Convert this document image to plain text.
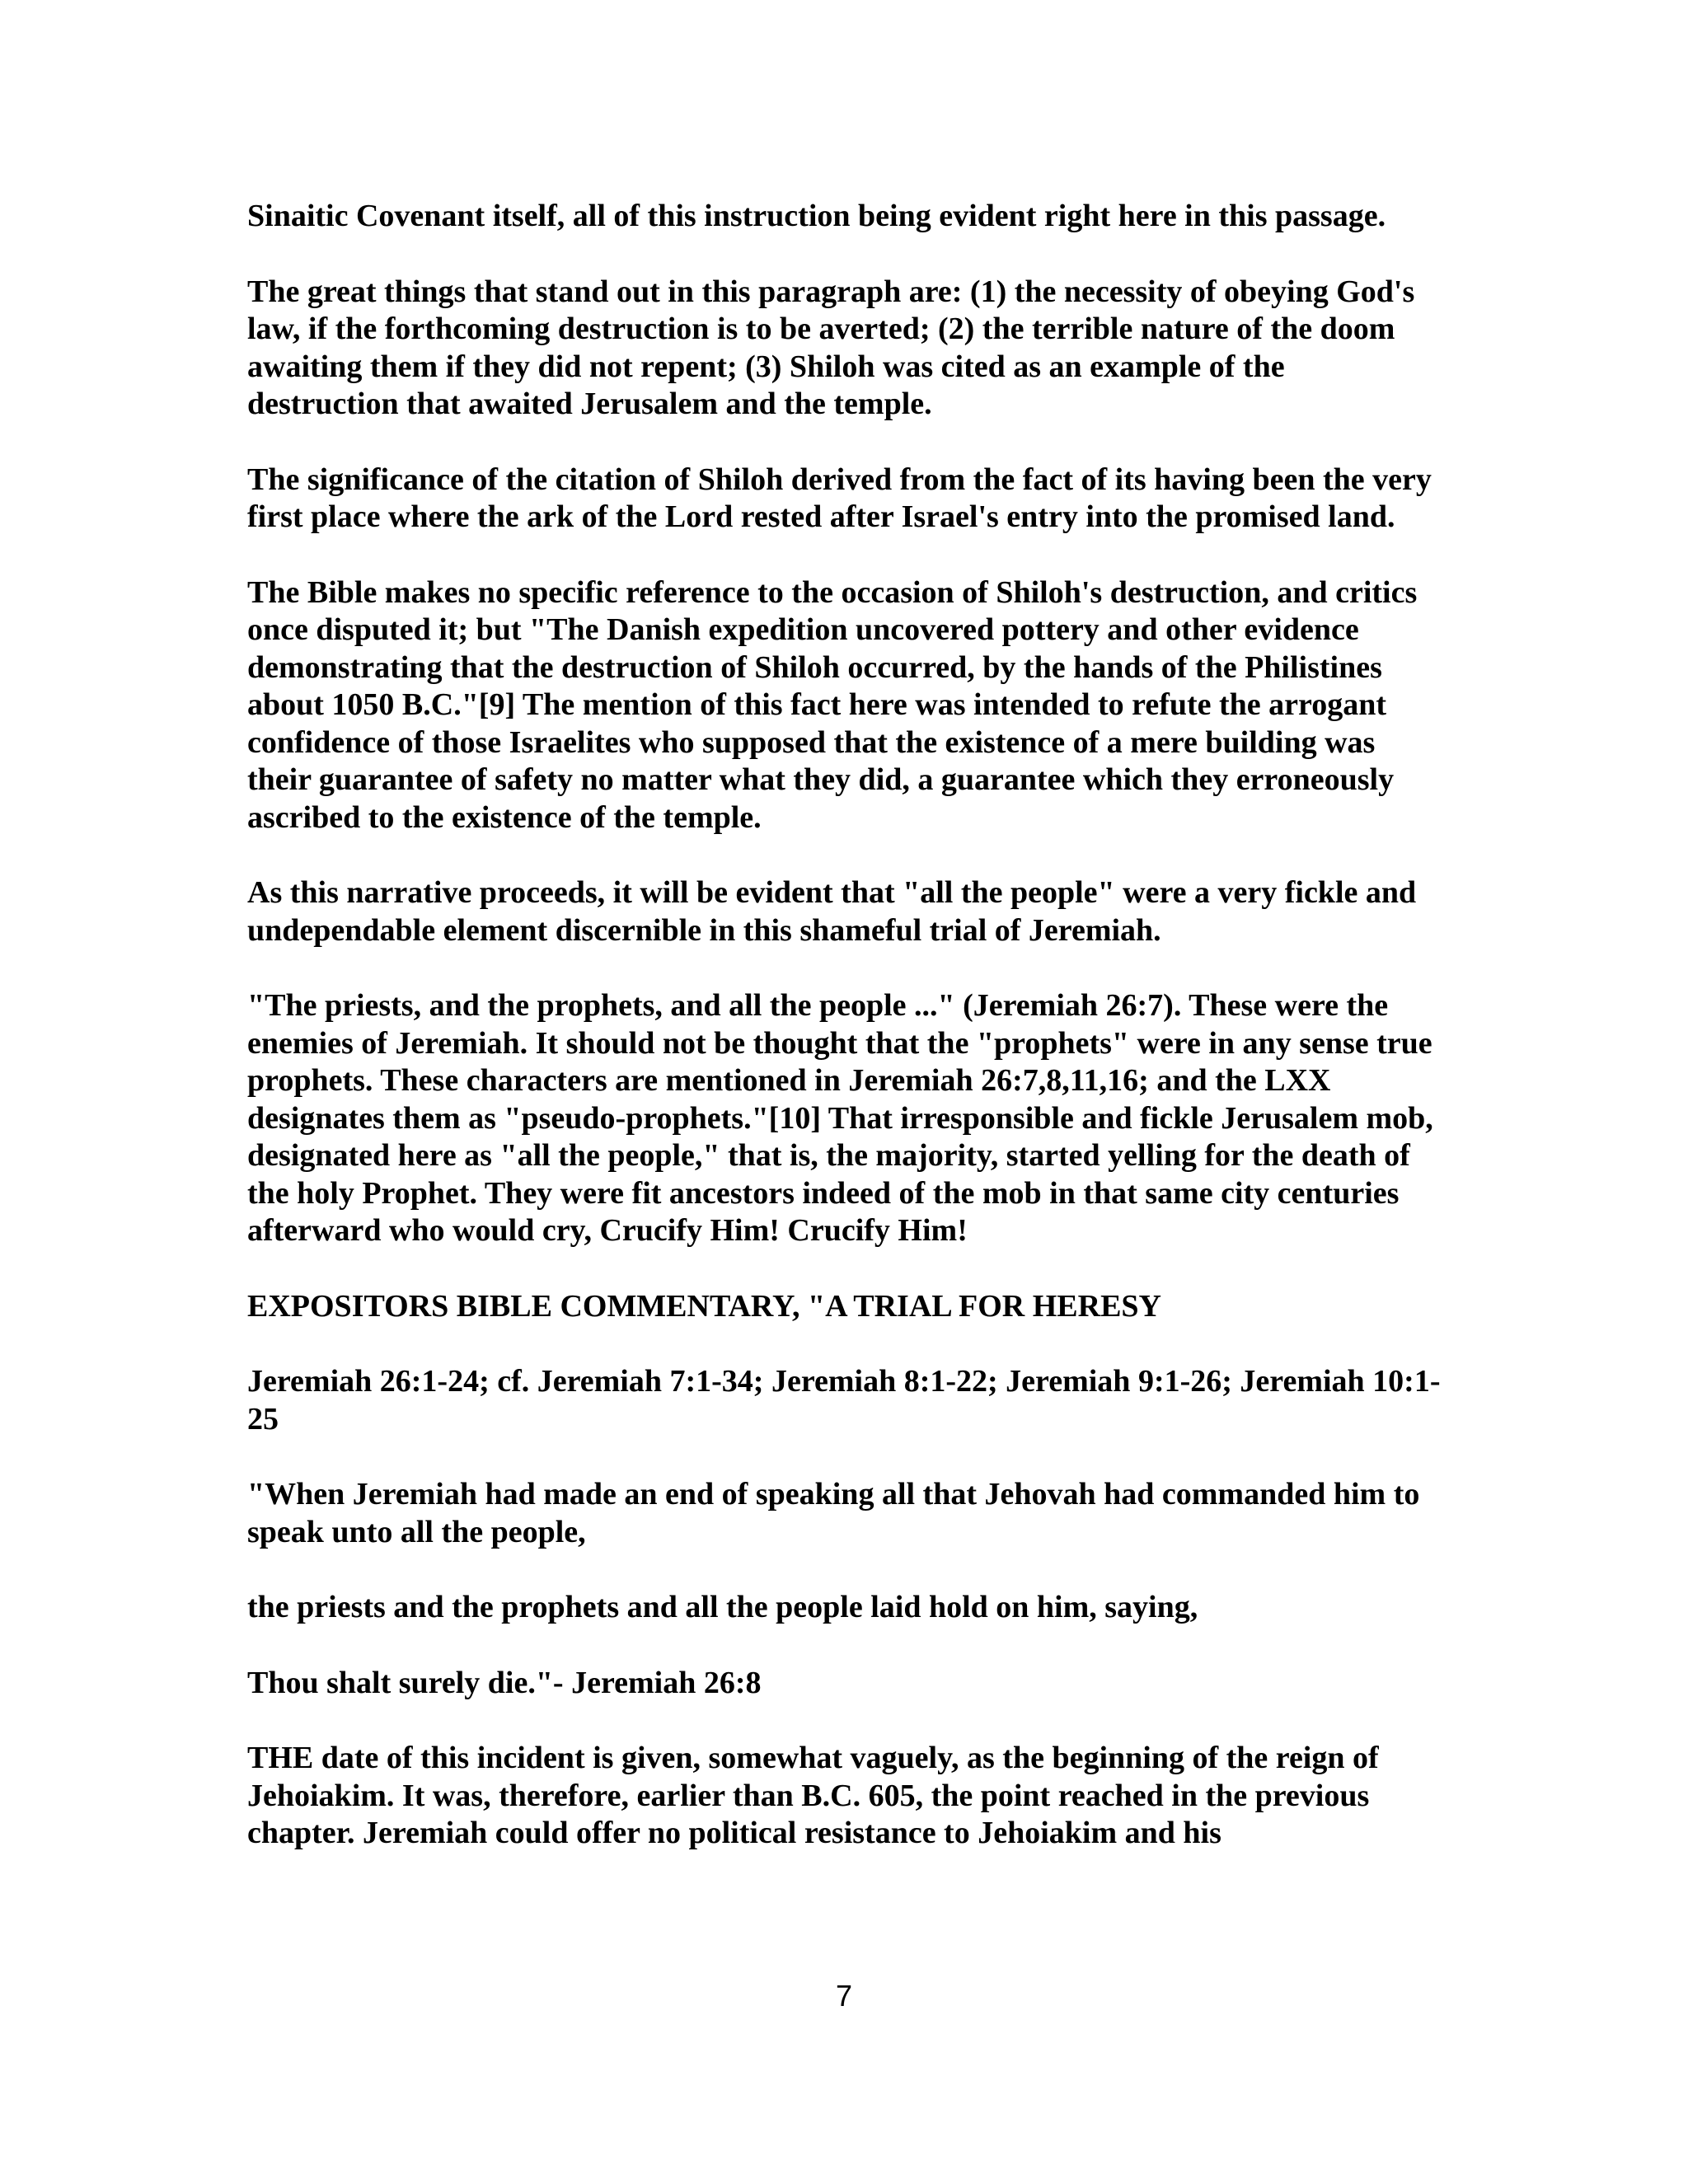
Sinaitic Covenant itself, all of this instruction being evident right here in this passage.

The great things that stand out in this paragraph are: (1) the necessity of obeying God's law, if the forthcoming destruction is to be averted; (2) the terrible nature of the doom awaiting them if they did not repent; (3) Shiloh was cited as an example of the destruction that awaited Jerusalem and the temple.

The significance of the citation of Shiloh derived from the fact of its having been the very first place where the ark of the Lord rested after Israel's entry into the promised land.

The Bible makes no specific reference to the occasion of Shiloh's destruction, and critics once disputed it; but "The Danish expedition uncovered pottery and other evidence demonstrating that the destruction of Shiloh occurred, by the hands of the Philistines about 1050 B.C."[9] The mention of this fact here was intended to refute the arrogant confidence of those Israelites who supposed that the existence of a mere building was their guarantee of safety no matter what they did, a guarantee which they erroneously ascribed to the existence of the temple.

As this narrative proceeds, it will be evident that "all the people" were a very fickle and undependable element discernible in this shameful trial of Jeremiah.

"The priests, and the prophets, and all the people ..." (Jeremiah 26:7). These were the enemies of Jeremiah. It should not be thought that the "prophets" were in any sense true prophets. These characters are mentioned in Jeremiah 26:7,8,11,16; and the LXX designates them as "pseudo-prophets."[10] That irresponsible and fickle Jerusalem mob, designated here as "all the people," that is, the majority, started yelling for the death of the holy Prophet. They were fit ancestors indeed of the mob in that same city centuries afterward who would cry, Crucify Him! Crucify Him!

EXPOSITORS BIBLE COMMENTARY, "A TRIAL FOR HERESY

Jeremiah 26:1-24; cf. Jeremiah 7:1-34; Jeremiah 8:1-22; Jeremiah 9:1-26; Jeremiah 10:1-25

"When Jeremiah had made an end of speaking all that Jehovah had commanded him to speak unto all the people,

the priests and the prophets and all the people laid hold on him, saying,

Thou shalt surely die."- Jeremiah 26:8

THE date of this incident is given, somewhat vaguely, as the beginning of the reign of Jehoiakim. It was, therefore, earlier than B.C. 605, the point reached in the previous chapter. Jeremiah could offer no political resistance to Jehoiakim and his

7
